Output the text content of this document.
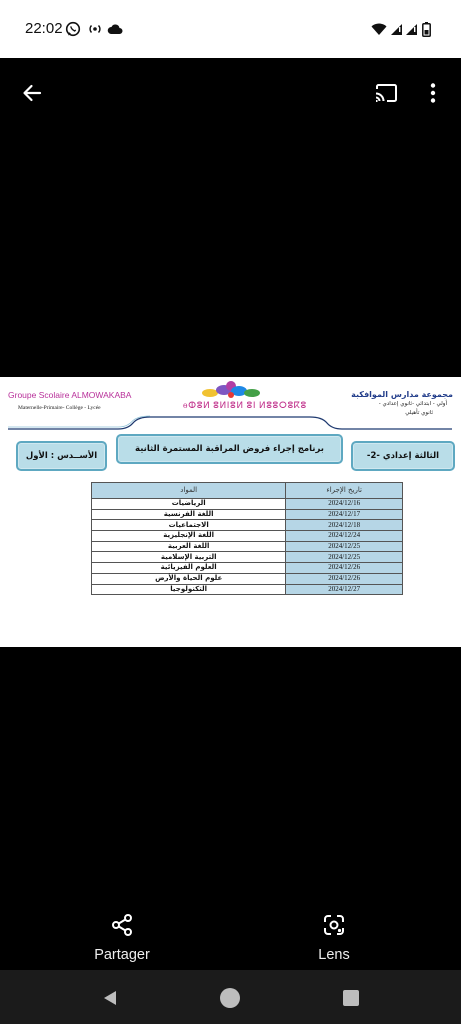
22:02
Groupe Scolaire ALMOWAKABA
Maternelle-Primaire- Collège - Lycée	ɵⵀⵓⵍ ⵓⵍⵏⵓⵍ ⵓⵏ ⵍⵓⵓⵔⵓⴽⵓ
مجموعة مدارس الموافكبة
أولي - ابتدائي -ثانوي إعدادي -
ثانوي تأهيلي
برنامج إجراء فروض المراقبة المستمرة الثانية
الأســدس : الأول	الثالثة إعدادي -2-
المواد	تاريخ الإجراء
الرياضيات	2024/12/16
اللغة الفرنسية	2024/12/17
الاجتماعيات	2024/12/18
اللغة الإنجليزية	2024/12/24
اللغة العربية	2024/12/25
التربية الإسلامية	2024/12/25
العلوم الفيزيائية	2024/12/26
علوم الحياة والأرض	2024/12/26
التكنولوجيا	2024/12/27
Partager	Lens
